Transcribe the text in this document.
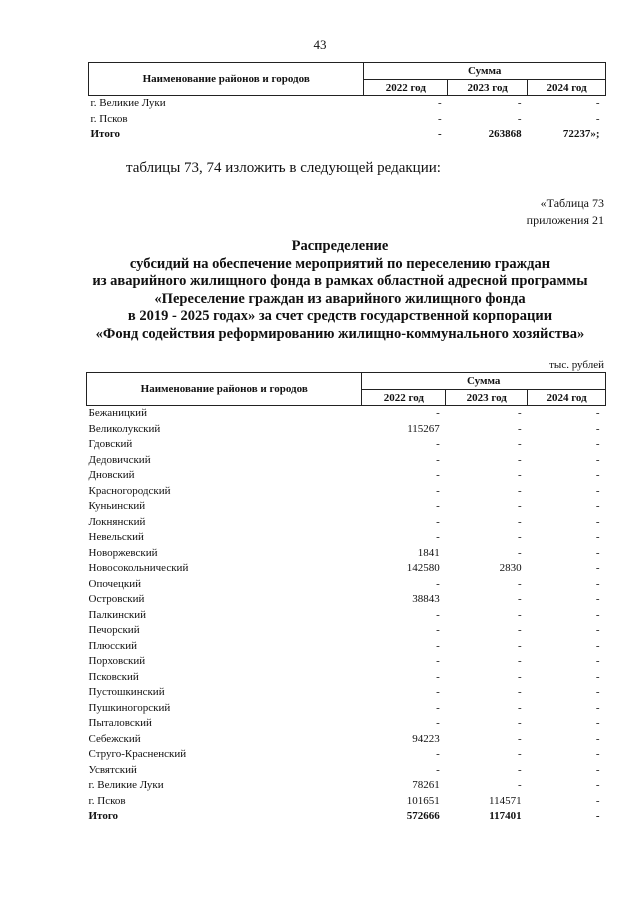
43
Наименование районов и городов	Сумма		
	2022 год	2023 год	2024 год
г. Великие Луки	-	-	-
г. Псков	-	-	-
Итого	-	263868	72237»;
таблицы 73, 74 изложить в следующей редакции:
«Таблица 73
приложения 21
Распределение
субсидий на обеспечение мероприятий по переселению граждан
из аварийного жилищного фонда в рамках областной адресной программы
«Переселение граждан из аварийного жилищного фонда
в 2019 - 2025 годах» за счет средств государственной корпорации
«Фонд содействия реформированию жилищно-коммунального хозяйства»
тыс. рублей
Наименование районов и городов	Сумма		
	2022 год	2023 год	2024 год
Бежаницкий	-	-	-
Великолукский	115267	-	-
Гдовский	-	-	-
Дедовичский	-	-	-
Дновский	-	-	-
Красногородский	-	-	-
Куньинский	-	-	-
Локнянский	-	-	-
Невельский	-	-	-
Новоржевский	1841	-	-
Новосокольнический	142580	2830	-
Опочецкий	-	-	-
Островский	38843	-	-
Палкинский	-	-	-
Печорский	-	-	-
Плюсский	-	-	-
Порховский	-	-	-
Псковский	-	-	-
Пустошкинский	-	-	-
Пушкиногорский	-	-	-
Пыталовский	-	-	-
Себежский	94223	-	-
Струго-Красненский	-	-	-
Усвятский	-	-	-
г. Великие Луки	78261	-	-
г. Псков	101651	114571	-
Итого	572666	117401	-
